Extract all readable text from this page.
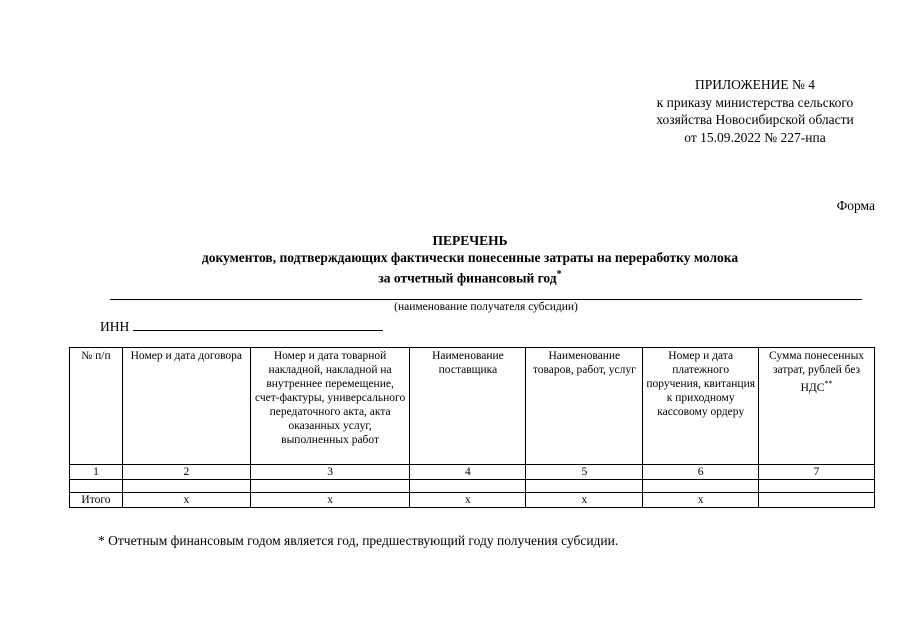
ПРИЛОЖЕНИЕ № 4
к приказу министерства сельского
хозяйства Новосибирской области
от 15.09.2022 № 227-нпа
Форма
ПЕРЕЧЕНЬ
документов, подтверждающих фактически понесенные затраты на переработку молока
за отчетный финансовый год*
(наименование получателя субсидии)
ИНН
№ п/п	Номер и дата договора	Номер и дата товарной накладной, накладной на внутреннее перемещение, счет-фактуры, универсального передаточного акта, акта оказанных услуг, выполненных работ	Наименование поставщика	Наименование товаров, работ, услуг	Номер и дата платежного поручения, квитанция к приходному кассовому ордеру	Сумма понесенных затрат, рублей без НДС**
1	2	3	4	5	6	7

Итого	x	x	x	x	x	
* Отчетным финансовым годом является год, предшествующий году получения субсидии.
